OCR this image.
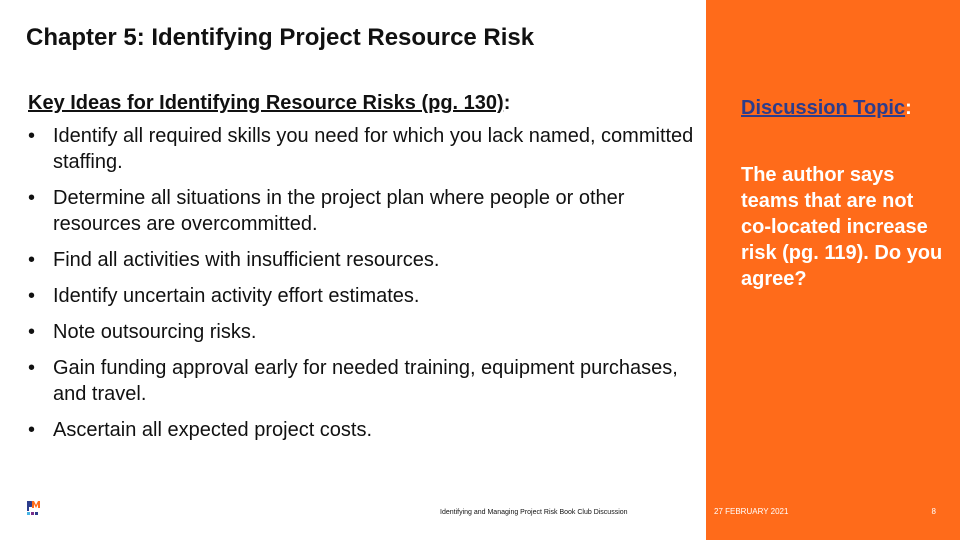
Chapter 5: Identifying Project Resource Risk

Key Ideas for Identifying Resource Risks (pg. 130):

• Identify all required skills you need for which you lack named, committed staffing.
• Determine all situations in the project plan where people or other resources are overcommitted.
• Find all activities with insufficient resources.
• Identify uncertain activity effort estimates.
• Note outsourcing risks.
• Gain funding approval early for needed training, equipment purchases, and travel.
• Ascertain all expected project costs.
Discussion Topic:
The author says teams that are not co-located increase risk (pg. 119). Do you agree?
27 FEBRUARY 2021	8
Identifying and Managing Project Risk Book Club Discussion
